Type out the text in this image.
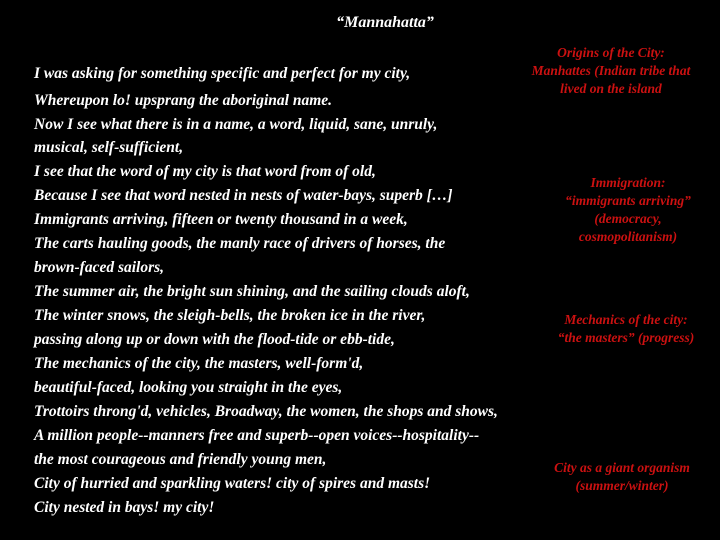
“Mannahatta”
I was asking for something specific and perfect for my city,
Whereupon lo! upsprang the aboriginal name.
Now I see what there is in a name, a word, liquid, sane, unruly,
musical, self-sufficient,
I see that the word of my city is that word from of old,
Because I see that word nested in nests of water-bays, superb […]
Immigrants arriving, fifteen or twenty thousand in a week,
The carts hauling goods, the manly race of drivers of horses, the
brown-faced sailors,
The summer air, the bright sun shining, and the sailing clouds aloft,
The winter snows, the sleigh-bells, the broken ice in the river,
passing along up or down with the flood-tide or ebb-tide,
The mechanics of the city, the masters, well-form'd,
beautiful-faced, looking you straight in the eyes,
Trottoirs throng'd, vehicles, Broadway, the women, the shops and shows,
A million people--manners free and superb--open voices--hospitality--
the most courageous and friendly young men,
City of hurried and sparkling waters! city of spires and masts!
City nested in bays! my city!
Origins of the City:
Manhattes (Indian tribe that
lived on the island
Immigration:
“immigrants arriving”
(democracy,
cosmopolitanism)
Mechanics of the city:
“the masters” (progress)
City as a giant organism
(summer/winter)
